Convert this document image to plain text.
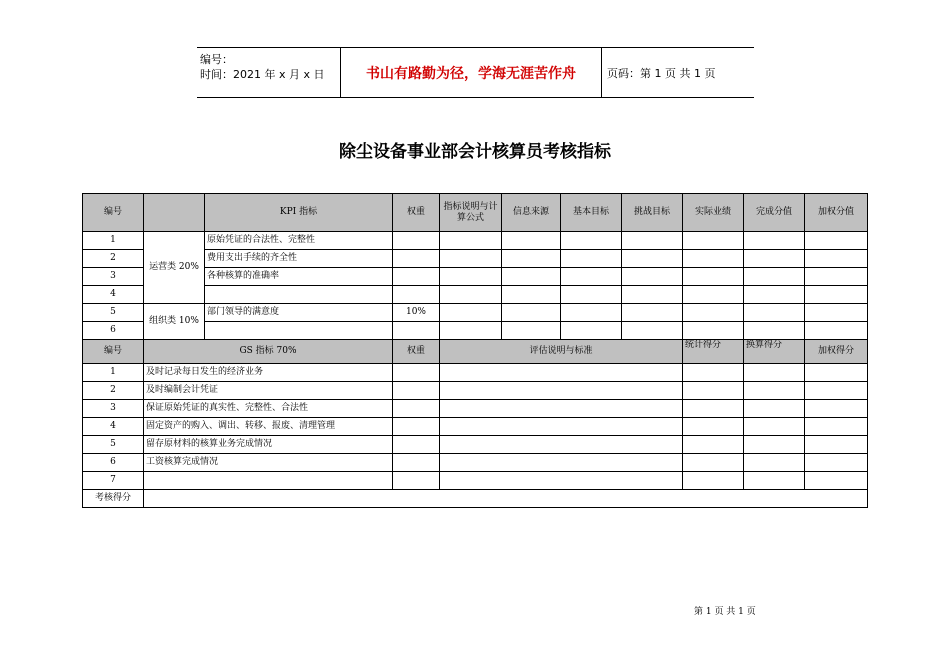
编号：
时间：2021 年 x 月 x 日	书山有路勤为径，学海无涯苦作舟	页码：第 1 页 共 1 页
除尘设备事业部会计核算员考核指标
编号		KPI 指标	权重	指标说明与计算公式	信息来源	基本目标	挑战目标	实际业绩	完成分值	加权分值
1	运营类 20%	原始凭证的合法性、完整性								
2		费用支出手续的齐全性								
3		各种核算的准确率								
4										
5	组织类 10%	部门领导的满意度	10%							
6										
编号	GS 指标 70%		权重	评估说明与标准				统计得分	换算得分	加权得分
1	及时记录每日发生的经济业务									
2	及时编制会计凭证									
3	保证原始凭证的真实性、完整性、合法性									
4	固定资产的购入、调出、转移、报废、清理管理									
5	留存原材料的核算业务完成情况									
6	工资核算完成情况									
7										
考核得分										
第 1 页 共 1 页
